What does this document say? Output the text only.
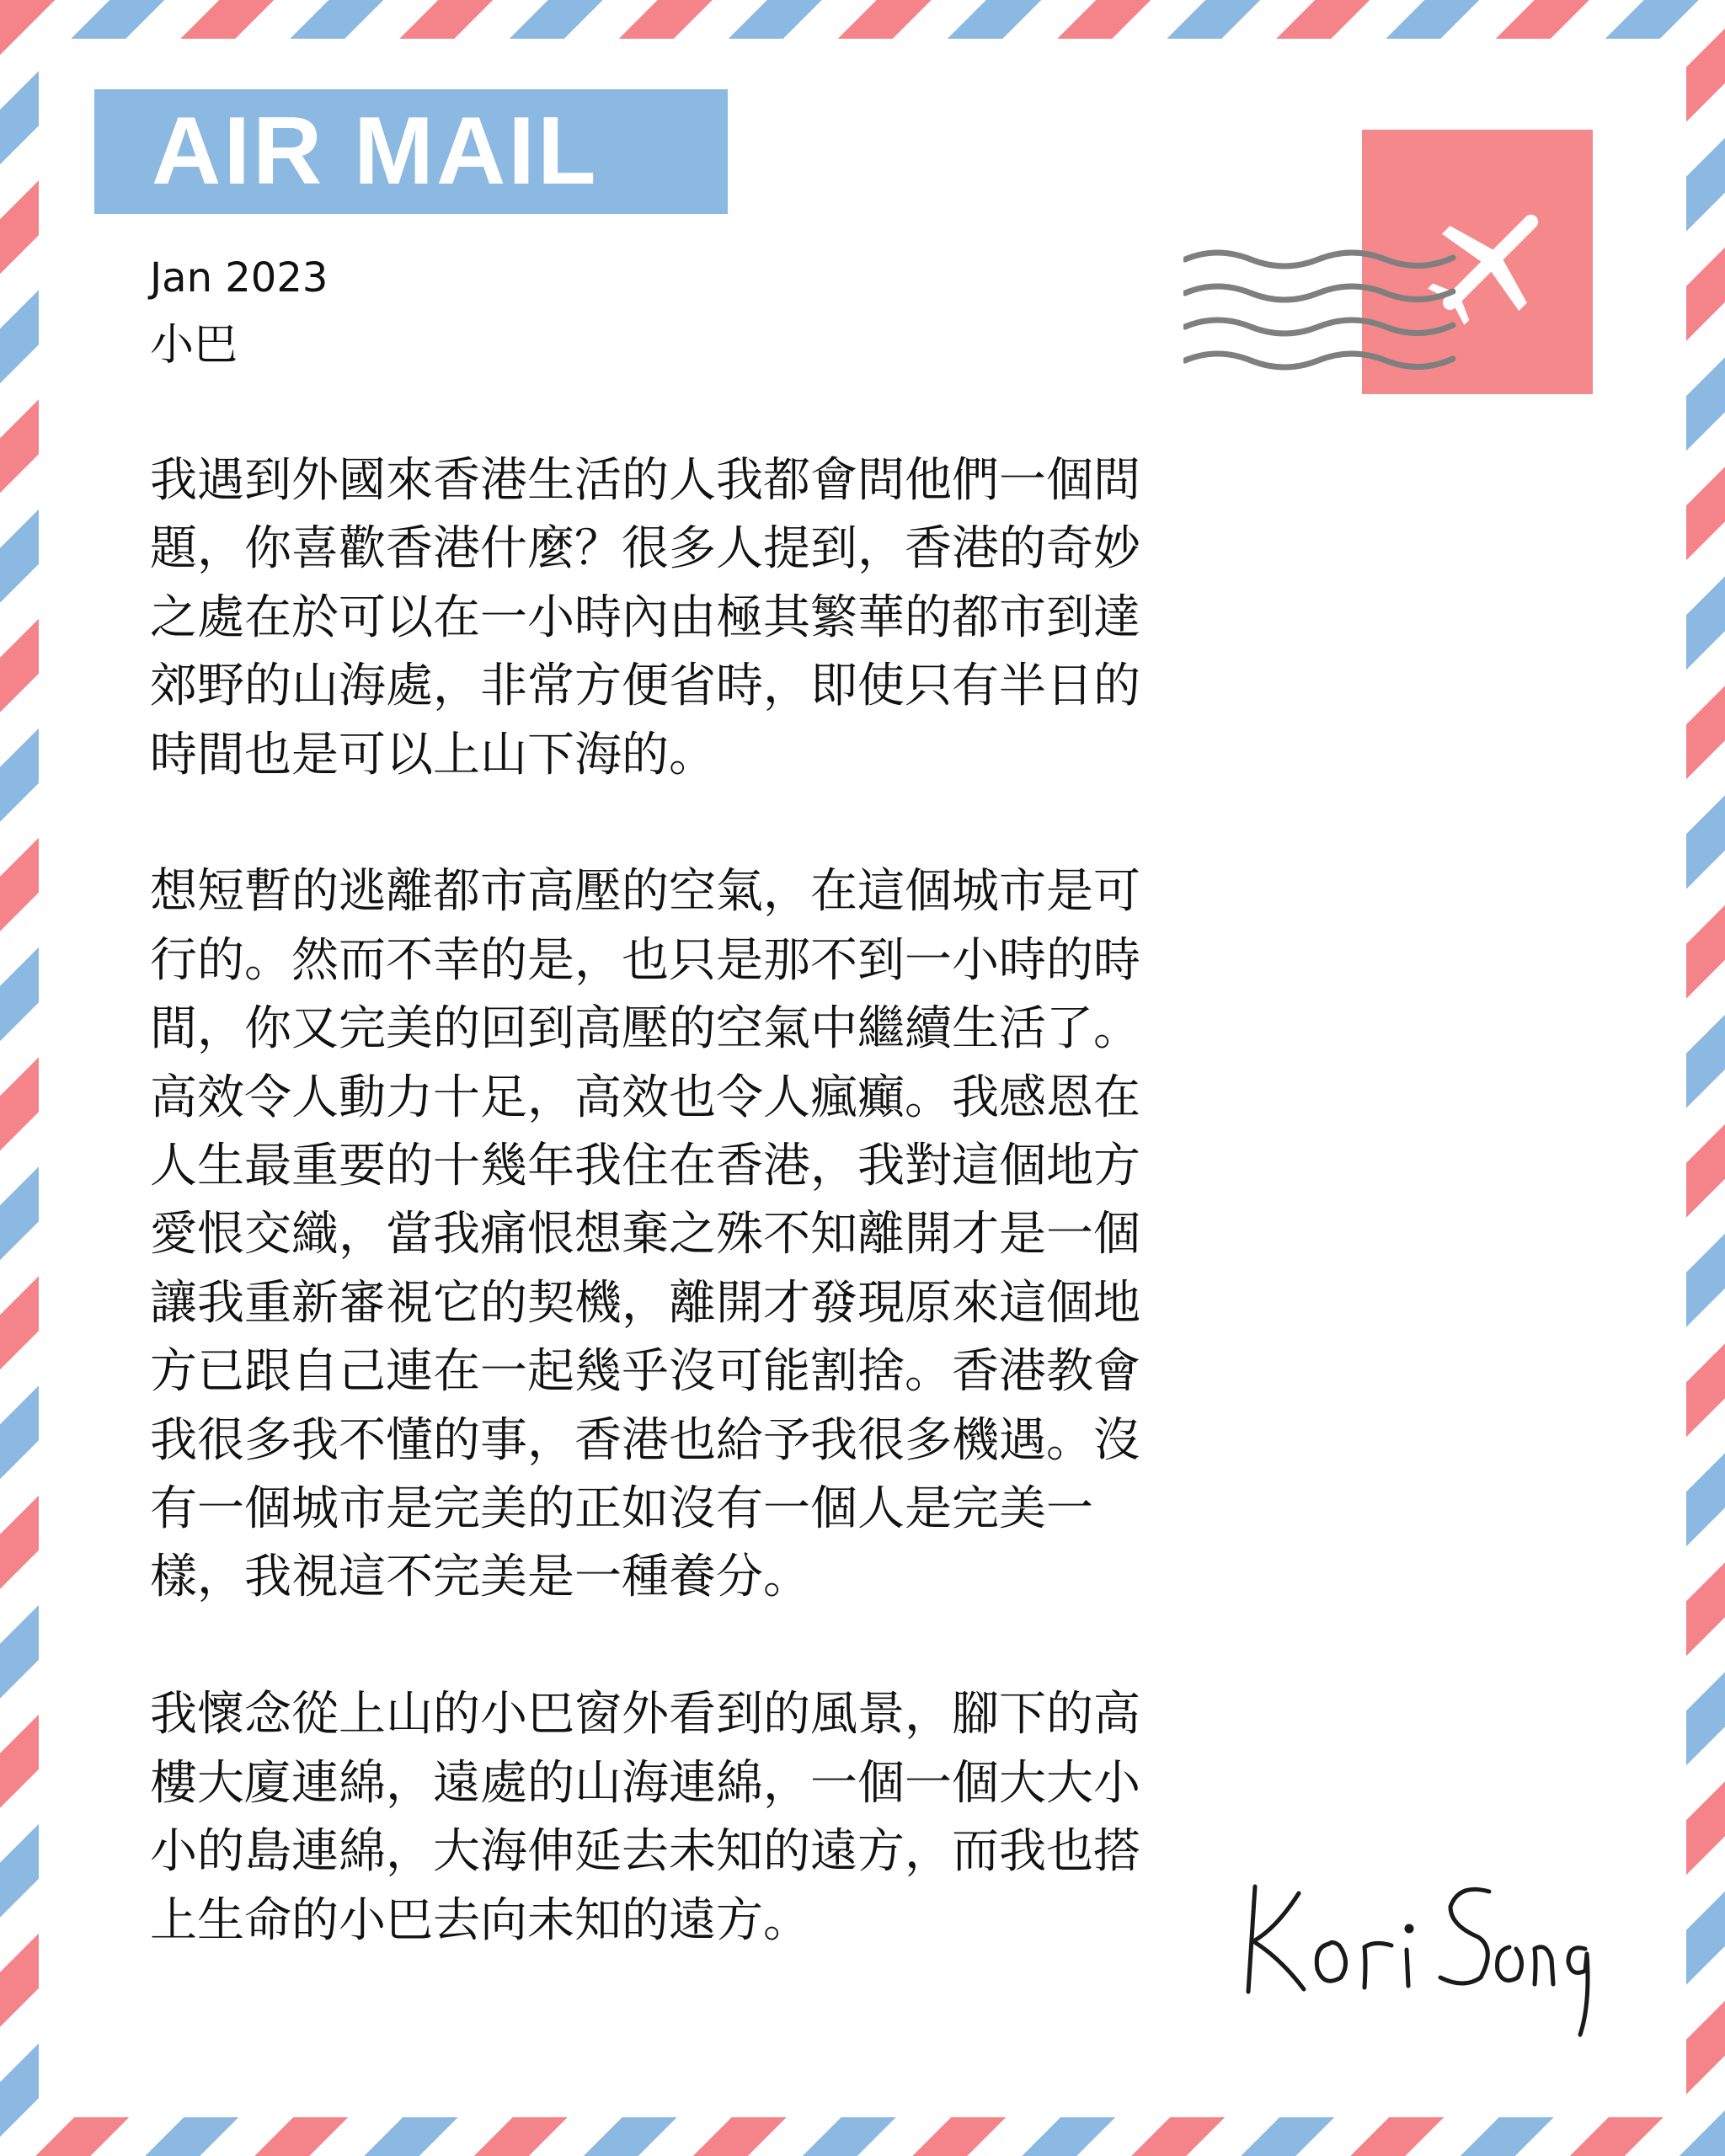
AIR MAIL
Jan 2023
小巴

我遇到外國來香港生活的人我都會問他們一個問題，你喜歡香港什麼？很多人提到，香港的奇妙之處在於可以在一小時內由極其繁華的都市到達郊野的山海處，非常方便省時，即使只有半日的時間也是可以上山下海的。

想短暫的逃離都市高壓的空氣，在這個城市是可行的。然而不幸的是，也只是那不到一小時的時間，你又完美的回到高壓的空氣中繼續生活了。高效令人動力十足，高效也令人瘋癲。我感恩在人生最重要的十幾年我住在香港，我對這個地方愛恨交織，當我痛恨想棄之殊不知離開才是一個讓我重新審視它的契機，離開才發現原來這個地方已跟自己連在一起幾乎沒可能割捨。香港教會我很多我不懂的事，香港也給予我很多機遇。沒有一個城市是完美的正如沒有一個人是完美一樣，我視這不完美是一種養分。

我懷念從上山的小巴窗外看到的風景，腳下的高樓大廈連綿，遠處的山海連綿，一個一個大大小小的島連綿，大海伸延去未知的遠方，而我也搭上生命的小巴去向未知的遠方。
